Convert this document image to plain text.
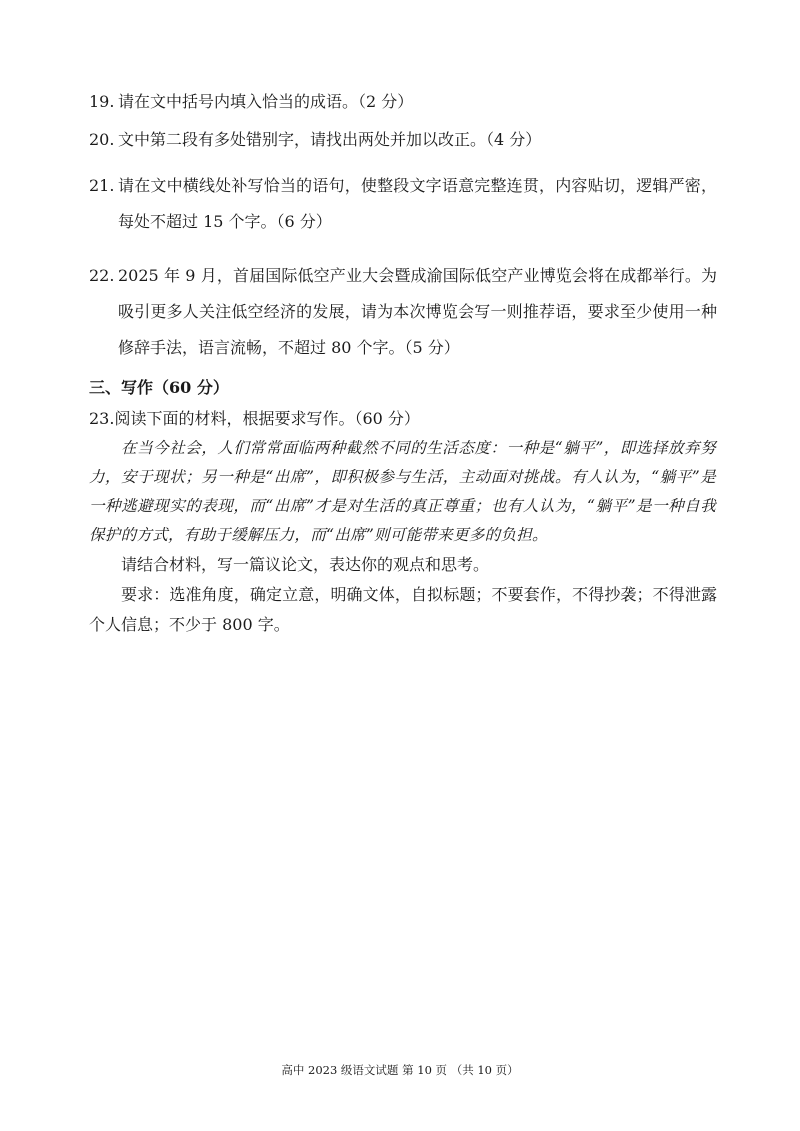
19. 请在文中括号内填入恰当的成语。（2 分）

20. 文中第二段有多处错别字，请找出两处并加以改正。（4 分）

21. 请在文中横线处补写恰当的语句，使整段文字语意完整连贯，内容贴切，逻辑严密，每处不超过 15 个字。（6 分）
22. 2025 年 9 月，首届国际低空产业大会暨成渝国际低空产业博览会将在成都举行。为吸引更多人关注低空经济的发展，请为本次博览会写一则推荐语，要求至少使用一种修辞手法，语言流畅，不超过 80 个字。（5 分）

三、写作（60 分）

23.阅读下面的材料，根据要求写作。（60 分）

在当今社会，人们常常面临两种截然不同的生活态度：一种是“躺平”，即选择放弃努力，安于现状；另一种是“出席”，即积极参与生活，主动面对挑战。有人认为，“躺平”是一种逃避现实的表现，而“出席”才是对生活的真正尊重；也有人认为，“躺平”是一种自我保护的方式，有助于缓解压力，而“出席”则可能带来更多的负担。

请结合材料，写一篇议论文，表达你的观点和思考。

要求：选准角度，确定立意，明确文体，自拟标题；不要套作，不得抄袭；不得泄露个人信息；不少于 800 字。

高中 2023 级语文试题 第 10 页 （共 10 页）
